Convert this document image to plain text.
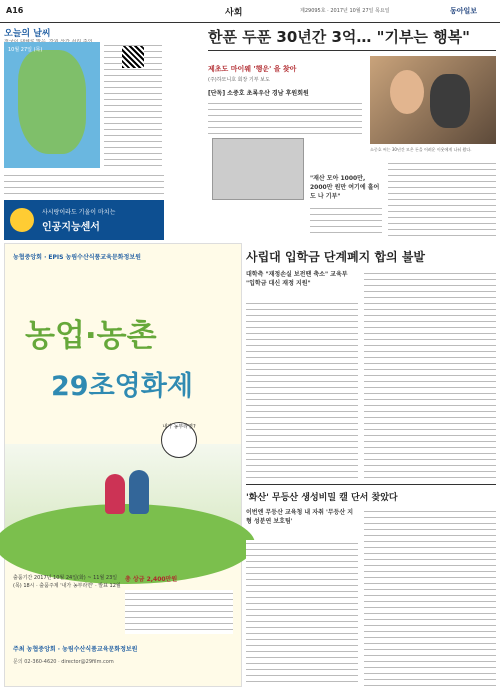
A16	사회	제29095호 · 2017년 10월 27일 목요일	동아일보
오늘의 날씨
10월 27일 (목)
사시랑이라도 기울이 마치는
인공지능센서
한푼 두푼 30년간 3억… "기부는 행복"
제초도 마이웨 '행운' 을 찾아
(주)하모니호 회장 기부 보도
[단독] 소중호 초록우산 경남 후원회원
소중호 씨는 30년간 모은 돈을 어려운 이웃에게 나눠 왔다.
"재산 모아 1000만, 2000만 원만 여기에 흘어도 나 기부"
농협중앙회 · EPIS 농림수산식품교육문화정보원
농업·농촌
29초영화제
내가 농부라면?
출품기간 2017년 10월 24일(화) ~ 11월 23일(목) 18시 · 출품주제 '내가 농부라면' · 발표 12월
총 상금 2,400만원
주최 농협중앙회 · 농림수산식품교육문화정보원
문의 02-360-4620 · director@29film.com
사립대 입학금 단계폐지 합의 불발
대학측 "재정손실 보전땐 축소" 교육부 "입학금 대신 재정 지원"
'화산' 무등산 생성비밀 캘 단서 찾았다
이번엔 무등산 교육청 내 자취 '무등산 지형 성분연 보호팀'
